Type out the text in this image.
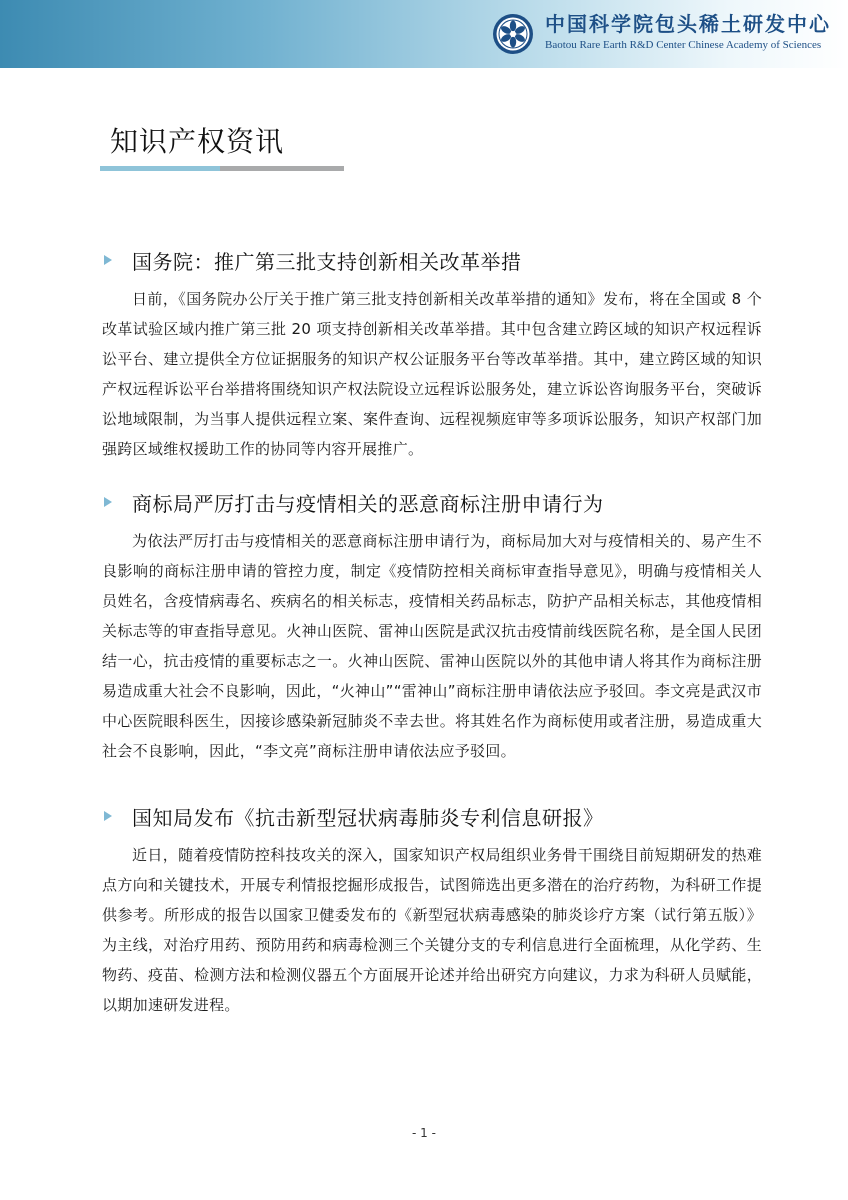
中国科学院包头稀土研发中心
Baotou Rare Earth R&D Center Chinese Academy of Sciences
知识产权资讯
国务院：推广第三批支持创新相关改革举措

日前，《国务院办公厅关于推广第三批支持创新相关改革举措的通知》发布，将在全国或 8 个改革试验区域内推广第三批 20 项支持创新相关改革举措。其中包含建立跨区域的知识产权远程诉讼平台、建立提供全方位证据服务的知识产权公证服务平台等改革举措。其中，建立跨区域的知识产权远程诉讼平台举措将围绕知识产权法院设立远程诉讼服务处，建立诉讼咨询服务平台，突破诉讼地域限制，为当事人提供远程立案、案件查询、远程视频庭审等多项诉讼服务，知识产权部门加强跨区域维权援助工作的协同等内容开展推广。

商标局严厉打击与疫情相关的恶意商标注册申请行为

为依法严厉打击与疫情相关的恶意商标注册申请行为，商标局加大对与疫情相关的、易产生不良影响的商标注册申请的管控力度，制定《疫情防控相关商标审查指导意见》，明确与疫情相关人员姓名，含疫情病毒名、疾病名的相关标志，疫情相关药品标志，防护产品相关标志，其他疫情相关标志等的审查指导意见。火神山医院、雷神山医院是武汉抗击疫情前线医院名称，是全国人民团结一心，抗击疫情的重要标志之一。火神山医院、雷神山医院以外的其他申请人将其作为商标注册易造成重大社会不良影响，因此，“火神山”“雷神山”商标注册申请依法应予驳回。李文亮是武汉市中心医院眼科医生，因接诊感染新冠肺炎不幸去世。将其姓名作为商标使用或者注册，易造成重大社会不良影响，因此，“李文亮”商标注册申请依法应予驳回。

国知局发布《抗击新型冠状病毒肺炎专利信息研报》

近日，随着疫情防控科技攻关的深入，国家知识产权局组织业务骨干围绕目前短期研发的热难点方向和关键技术，开展专利情报挖掘形成报告，试图筛选出更多潜在的治疗药物，为科研工作提供参考。所形成的报告以国家卫健委发布的《新型冠状病毒感染的肺炎诊疗方案（试行第五版）》为主线，对治疗用药、预防用药和病毒检测三个关键分支的专利信息进行全面梳理，从化学药、生物药、疫苗、检测方法和检测仪器五个方面展开论述并给出研究方向建议，力求为科研人员赋能，以期加速研发进程。

- 1 -
